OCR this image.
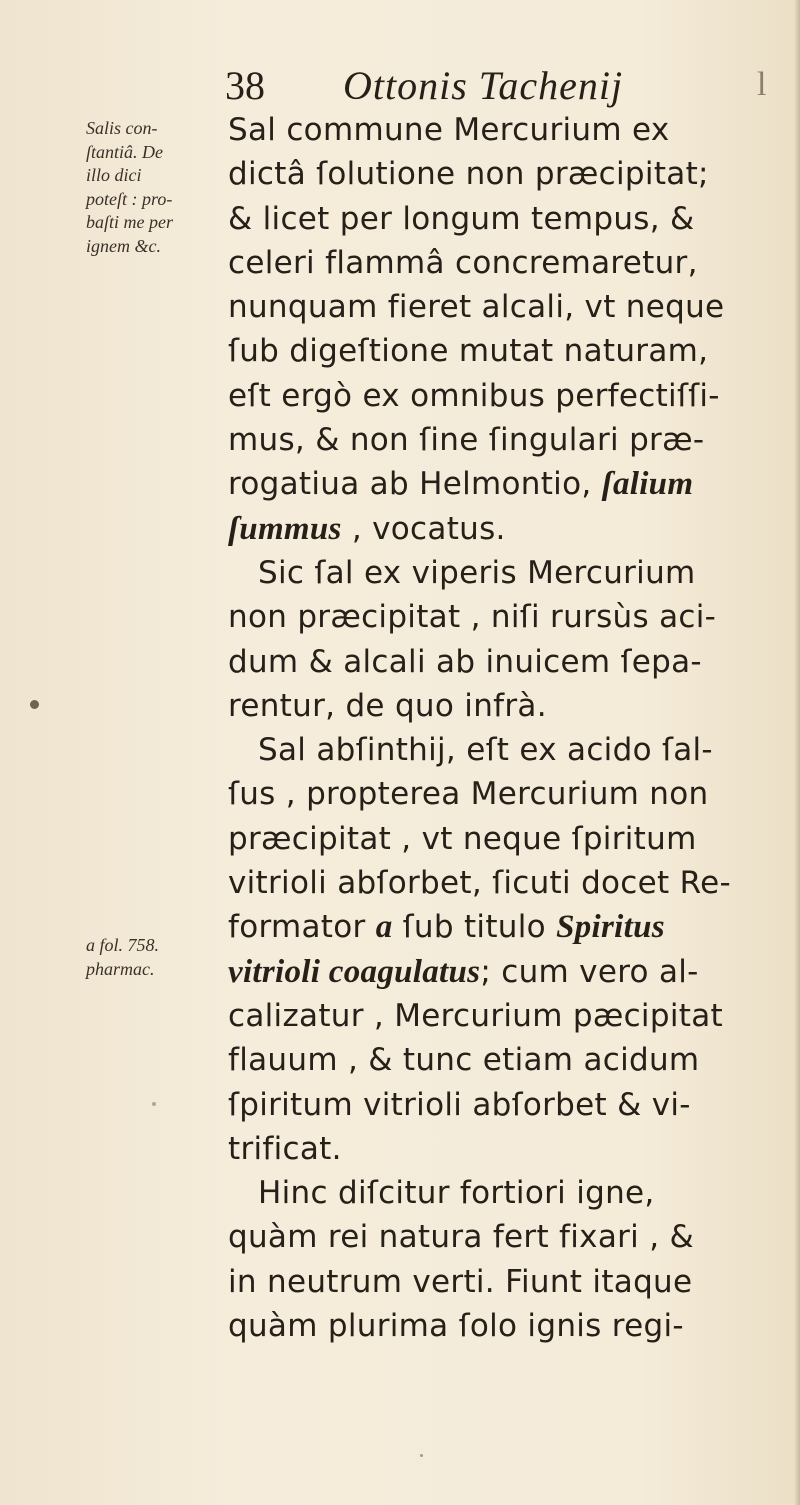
38 Ottonis Tachenij	l
Salis con-
ſtantiâ. De
illo dici
poteſt : pro-
baſti me per
ignem &c.
a fol. 758.
pharmac.
Sal commune Mercurium ex
dictâ ſolutione non præcipitat;
& licet per longum tempus, &
celeri flammâ concremaretur,
nunquam fieret alcali, vt neque
ſub digeſtione mutat naturam,
eſt ergò ex omnibus perfectiſſi-
mus, & non ſine ſingulari præ-
rogatiua ab Helmontio, ſalium
ſummus , vocatus.
Sic ſal ex viperis Mercurium
non præcipitat , niſi rursùs aci-
dum & alcali ab inuicem ſepa-
rentur, de quo infrà.
Sal abſinthij, eſt ex acido ſal-
ſus , propterea Mercurium non
præcipitat , vt neque ſpiritum
vitrioli abſorbet, ſicuti docet Re-
formator a ſub titulo Spiritus
vitrioli coagulatus; cum vero al-
calizatur , Mercurium pæcipitat
flauum , & tunc etiam acidum
ſpiritum vitrioli abſorbet & vi-
trificat.
Hinc diſcitur fortiori igne,
quàm rei natura fert fixari , &
in neutrum verti. Fiunt itaque
quàm plurima ſolo ignis regi-
